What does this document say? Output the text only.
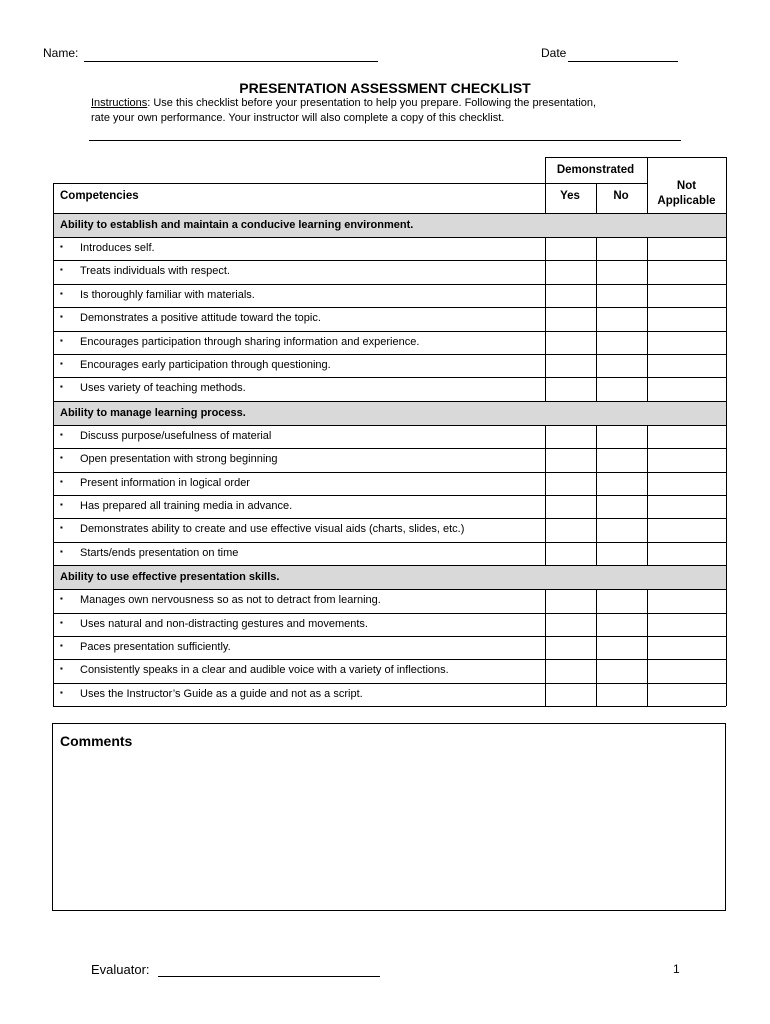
Name:	Date
PRESENTATION ASSESSMENT CHECKLIST
Instructions: Use this checklist before your presentation to help you prepare. Following the presentation,
rate your own performance. Your instructor will also complete a copy of this checklist.
Demonstrated
Competencies	Yes	No
Not
Applicable
Ability to establish and maintain a conducive learning environment.
▪ Introduces self.
▪ Treats individuals with respect.
▪ Is thoroughly familiar with materials.
▪ Demonstrates a positive attitude toward the topic.
▪ Encourages participation through sharing information and experience.
▪ Encourages early participation through questioning.
▪ Uses variety of teaching methods.
Ability to manage learning process.
▪ Discuss purpose/usefulness of material
▪ Open presentation with strong beginning
▪ Present information in logical order
▪ Has prepared all training media in advance.
▪ Demonstrates ability to create and use effective visual aids (charts, slides, etc.)
▪ Starts/ends presentation on time
Ability to use effective presentation skills.
▪ Manages own nervousness so as not to detract from learning.
▪ Uses natural and non-distracting gestures and movements.
▪ Paces presentation sufficiently.
▪ Consistently speaks in a clear and audible voice with a variety of inflections.
▪ Uses the Instructor’s Guide as a guide and not as a script.
Comments
Evaluator:	1
